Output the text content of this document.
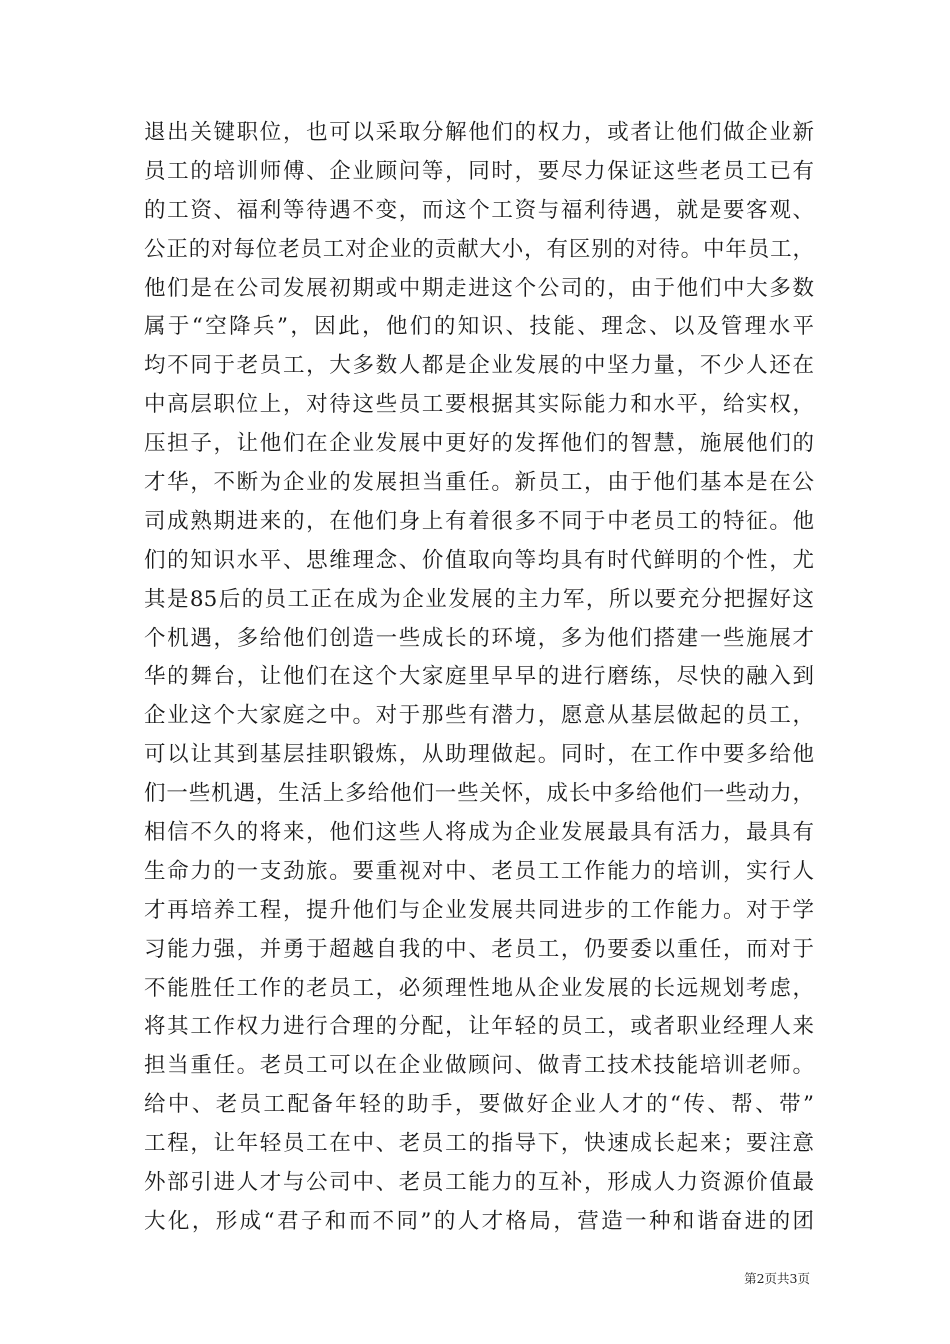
退出关键职位，也可以采取分解他们的权力，或者让他们做企业新
员工的培训师傅、企业顾问等，同时，要尽力保证这些老员工已有
的工资、福利等待遇不变，而这个工资与福利待遇，就是要客观、
公正的对每位老员工对企业的贡献大小，有区别的对待。中年员工，
他们是在公司发展初期或中期走进这个公司的，由于他们中大多数
属于“空降兵”，因此，他们的知识、技能、理念、以及管理水平
均不同于老员工，大多数人都是企业发展的中坚力量，不少人还在
中高层职位上，对待这些员工要根据其实际能力和水平，给实权，
压担子，让他们在企业发展中更好的发挥他们的智慧，施展他们的
才华，不断为企业的发展担当重任。新员工，由于他们基本是在公
司成熟期进来的，在他们身上有着很多不同于中老员工的特征。他
们的知识水平、思维理念、价值取向等均具有时代鲜明的个性，尤
其是85后的员工正在成为企业发展的主力军，所以要充分把握好这
个机遇，多给他们创造一些成长的环境，多为他们搭建一些施展才
华的舞台，让他们在这个大家庭里早早的进行磨练，尽快的融入到
企业这个大家庭之中。对于那些有潜力，愿意从基层做起的员工，
可以让其到基层挂职锻炼，从助理做起。同时，在工作中要多给他
们一些机遇，生活上多给他们一些关怀，成长中多给他们一些动力，
相信不久的将来，他们这些人将成为企业发展最具有活力，最具有
生命力的一支劲旅。要重视对中、老员工工作能力的培训，实行人
才再培养工程，提升他们与企业发展共同进步的工作能力。对于学
习能力强，并勇于超越自我的中、老员工，仍要委以重任，而对于
不能胜任工作的老员工，必须理性地从企业发展的长远规划考虑，
将其工作权力进行合理的分配，让年轻的员工，或者职业经理人来
担当重任。老员工可以在企业做顾问、做青工技术技能培训老师。
给中、老员工配备年轻的助手，要做好企业人才的“传、帮、带”
工程，让年轻员工在中、老员工的指导下，快速成长起来；要注意
外部引进人才与公司中、老员工能力的互补，形成人力资源价值最
大化，形成“君子和而不同”的人才格局，营造一种和谐奋进的团
第2页共3页
